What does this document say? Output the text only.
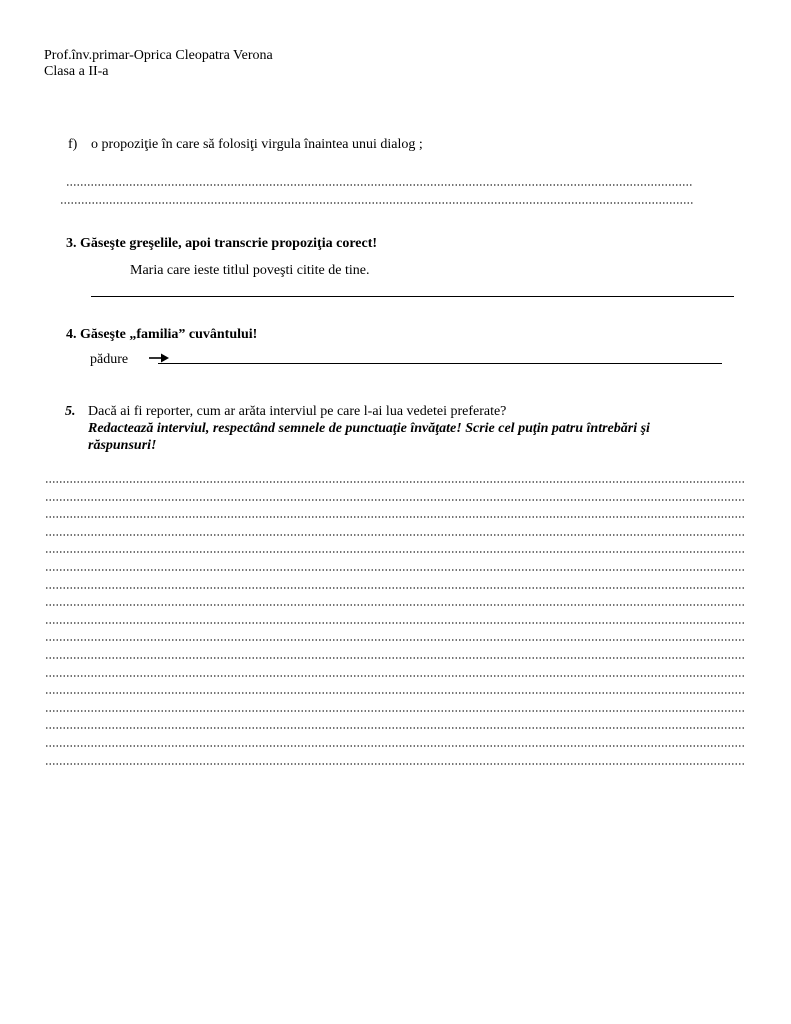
Prof.înv.primar-Oprica Cleopatra Verona
Clasa a II-a
f) o propoziţie în care să folosiţi virgula înaintea unui dialog ;
3. Găseşte greşelile, apoi transcrie propoziţia corect!
Maria care ieste titlul poveşti citite de tine.
4. Găseşte „familia” cuvântului!
pădure
5. Dacă ai fi reporter, cum ar arăta interviul pe care l-ai lua vedetei preferate?
Redactează interviul, respectând semnele de punctuaţie învăţate! Scrie cel puţin patru întrebări şi
răspunsuri!
